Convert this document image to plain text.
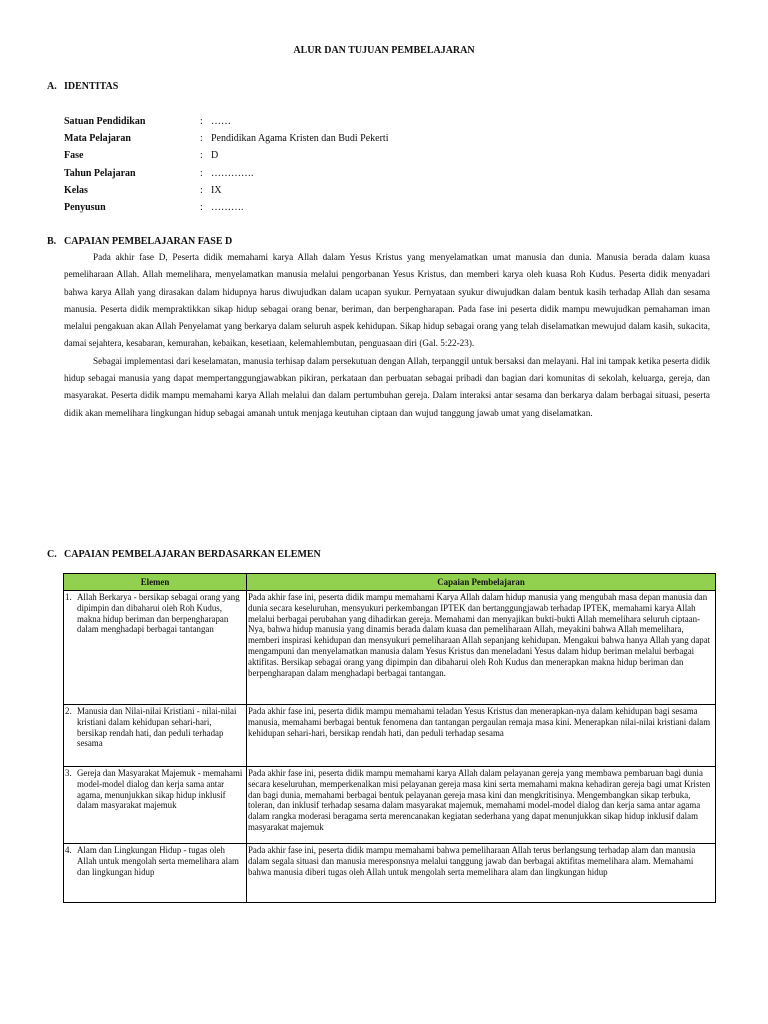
ALUR DAN TUJUAN PEMBELAJARAN
A. IDENTITAS
Satuan Pendidikan	: ……
Mata Pelajaran	: Pendidikan Agama Kristen dan Budi Pekerti
Fase	: D
Tahun Pelajaran	: ………….
Kelas	: IX
Penyusun	: ……….
B. CAPAIAN PEMBELAJARAN FASE D

Pada akhir fase D, Peserta didik memahami karya Allah dalam Yesus Kristus yang menyelamatkan umat manusia dan dunia. Manusia berada dalam kuasa pemeliharaan Allah. Allah memelihara, menyelamatkan manusia melalui pengorbanan Yesus Kristus, dan memberi karya oleh kuasa Roh Kudus. Peserta didik menyadari bahwa karya Allah yang dirasakan dalam hidupnya harus diwujudkan dalam ucapan syukur. Pernyataan syukur diwujudkan dalam bentuk kasih terhadap Allah dan sesama manusia. Peserta didik mempraktikkan sikap hidup sebagai orang benar, beriman, dan berpengharapan. Pada fase ini peserta didik mampu mewujudkan pemahaman iman melalui pengakuan akan Allah Penyelamat yang berkarya dalam seluruh aspek kehidupan. Sikap hidup sebagai orang yang telah diselamatkan mewujud dalam kasih, sukacita, damai sejahtera, kesabaran, kemurahan, kebaikan, kesetiaan, kelemahlembutan, penguasaan diri (Gal. 5:22-23).

Sebagai implementasi dari keselamatan, manusia terhisap dalam persekutuan dengan Allah, terpanggil untuk bersaksi dan melayani. Hal ini tampak ketika peserta didik hidup sebagai manusia yang dapat mempertanggungjawabkan pikiran, perkataan dan perbuatan sebagai pribadi dan bagian dari komunitas di sekolah, keluarga, gereja, dan masyarakat. Peserta didik mampu memahami karya Allah melalui dan dalam pertumbuhan gereja. Dalam interaksi antar sesama dan berkarya dalam berbagai situasi, peserta didik akan memelihara lingkungan hidup sebagai amanah untuk menjaga keutuhan ciptaan dan wujud tanggung jawab umat yang diselamatkan.

C. CAPAIAN PEMBELAJARAN BERDASARKAN ELEMEN
Elemen	Capaian Pembelajaran
1. Allah Berkarya - bersikap sebagai orang yang dipimpin dan dibaharui oleh Roh Kudus, makna hidup beriman dan berpengharapan dalam menghadapi berbagai tantangan	Pada akhir fase ini, peserta didik mampu memahami Karya Allah dalam hidup manusia yang mengubah masa depan manusia dan dunia secara keseluruhan, mensyukuri perkembangan IPTEK dan bertanggungjawab terhadap IPTEK, memahami karya Allah melalui berbagai perubahan yang dihadirkan gereja. Memahami dan menyajikan bukti-bukti Allah memelihara seluruh ciptaan-Nya, bahwa hidup manusia yang dinamis berada dalam kuasa dan pemeliharaan Allah, meyakini bahwa Allah memelihara, memberi inspirasi kehidupan dan mensyukuri pemeliharaan Allah sepanjang kehidupan. Mengakui bahwa hanya Allah yang dapat mengampuni dan menyelamatkan manusia dalam Yesus Kristus dan meneladani Yesus dalam hidup beriman melalui berbagai aktifitas. Bersikap sebagai orang yang dipimpin dan dibaharui oleh Roh Kudus dan menerapkan makna hidup beriman dan berpengharapan dalam menghadapi berbagai tantangan.
2. Manusia dan Nilai-nilai Kristiani - nilai-nilai kristiani dalam kehidupan sehari-hari, bersikap rendah hati, dan peduli terhadap sesama	Pada akhir fase ini, peserta didik mampu memahami teladan Yesus Kristus dan menerapkan-nya dalam kehidupan bagi sesama manusia, memahami berbagai bentuk fenomena dan tantangan pergaulan remaja masa kini. Menerapkan nilai-nilai kristiani dalam kehidupan sehari-hari, bersikap rendah hati, dan peduli terhadap sesama
3. Gereja dan Masyarakat Majemuk - memahami model-model dialog dan kerja sama antar agama, menunjukkan sikap hidup inklusif dalam masyarakat majemuk	Pada akhir fase ini, peserta didik mampu memahami karya Allah dalam pelayanan gereja yang membawa pembaruan bagi dunia secara keseluruhan, memperkenalkan misi pelayanan gereja masa kini serta memahami makna kehadiran gereja bagi umat Kristen dan bagi dunia, memahami berbagai bentuk pelayanan gereja masa kini dan mengkritisinya. Mengembangkan sikap terbuka, toleran, dan inklusif terhadap sesama dalam masyarakat majemuk, memahami model-model dialog dan kerja sama antar agama dalam rangka moderasi beragama serta merencanakan kegiatan sederhana yang dapat menunjukkan sikap hidup inklusif dalam masyarakat majemuk
4. Alam dan Lingkungan Hidup - tugas oleh Allah untuk mengolah serta memelihara alam dan lingkungan hidup	Pada akhir fase ini, peserta didik mampu memahami bahwa pemeliharaan Allah terus berlangsung terhadap alam dan manusia dalam segala situasi dan manusia meresponsnya melalui tanggung jawab dan berbagai aktifitas memelihara alam. Memahami bahwa manusia diberi tugas oleh Allah untuk mengolah serta memelihara alam dan lingkungan hidup
